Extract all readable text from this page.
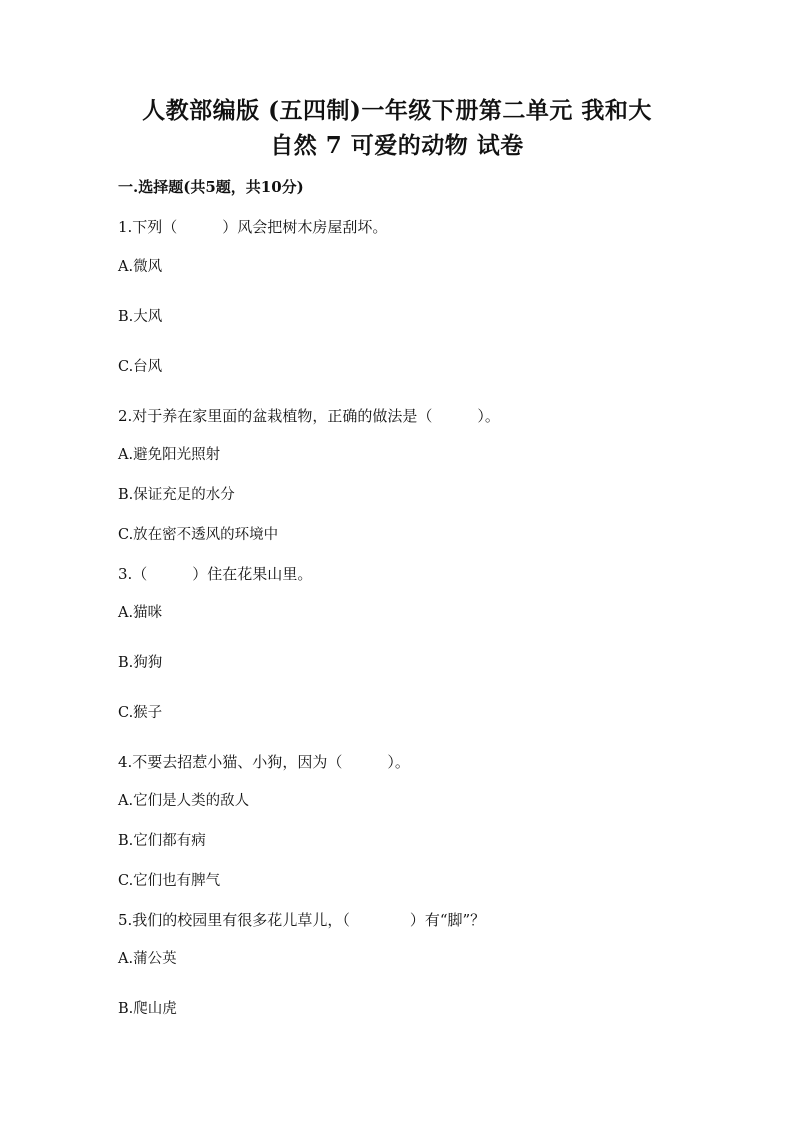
人教部编版 (五四制)一年级下册第二单元 我和大
自然 7 可爱的动物 试卷
一.选择题(共5题，共10分)
1.下列（　　　）风会把树木房屋刮坏。
A.微风
B.大风
C.台风
2.对于养在家里面的盆栽植物，正确的做法是（　　　）。
A.避免阳光照射
B.保证充足的水分
C.放在密不透风的环境中
3.（　　　）住在花果山里。
A.猫咪
B.狗狗
C.猴子
4.不要去招惹小猫、小狗，因为（　　　）。
A.它们是人类的敌人
B.它们都有病
C.它们也有脾气
5.我们的校园里有很多花儿草儿，（　　　　）有“脚”？
A.蒲公英
B.爬山虎
